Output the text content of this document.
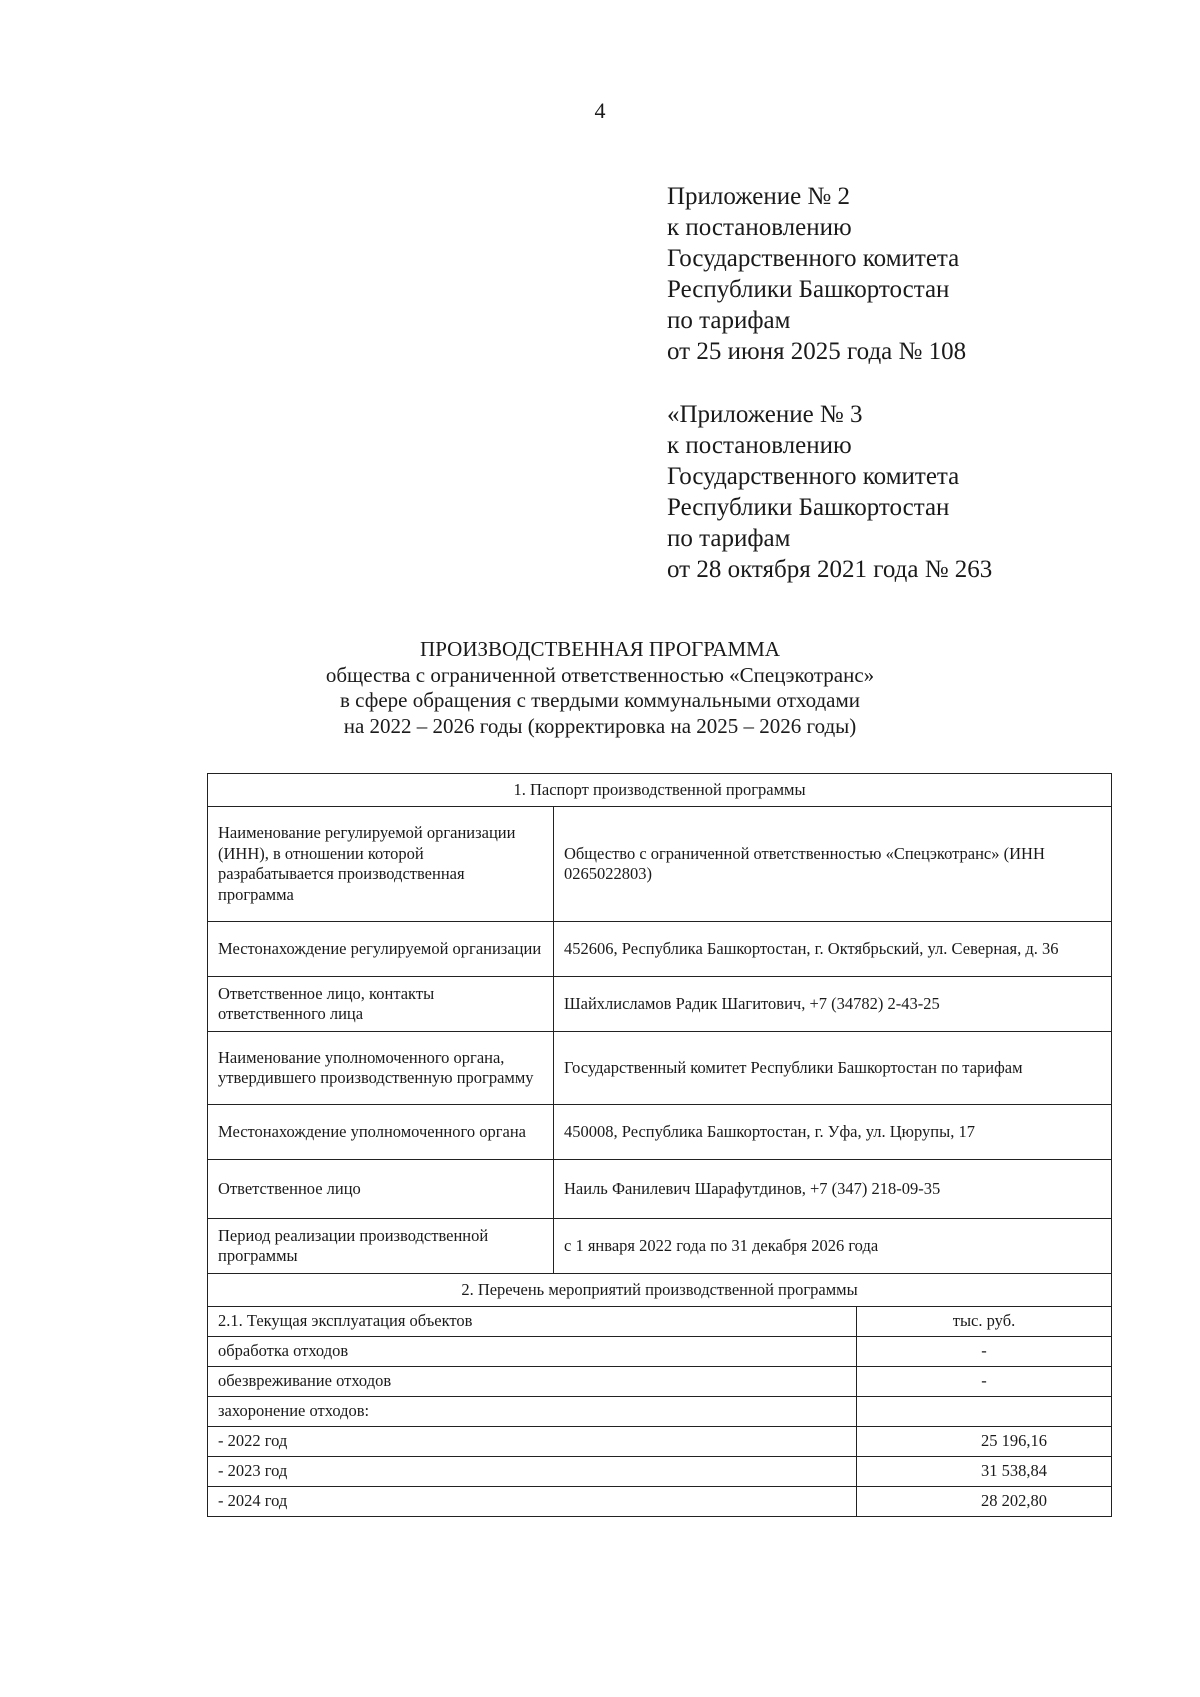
4

Приложение № 2

к постановлению

Государственного комитета

Республики Башкортостан

по тарифам

от 25 июня 2025 года № 108

«Приложение № 3

к постановлению

Государственного комитета

Республики Башкортостан

по тарифам

от 28 октября 2021 года № 263

ПРОИЗВОДСТВЕННАЯ ПРОГРАММА

общества с ограниченной ответственностью «Спецэкотранс»

в сфере обращения с твердыми коммунальными отходами

на 2022 – 2026 годы (корректировка на 2025 – 2026 годы)

1. Паспорт производственной программы	
Наименование регулируемой организации (ИНН), в отношении которой разрабатывается производственная программа	Общество с ограниченной ответственностью «Спецэкотранс» (ИНН 0265022803)
Местонахождение регулируемой организации	452606, Республика Башкортостан, г. Октябрьский, ул. Северная, д. 36
Ответственное лицо, контакты ответственного лица	Шайхлисламов Радик Шагитович, +7 (34782) 2-43-25
Наименование уполномоченного органа, утвердившего производственную программу	Государственный комитет Республики Башкортостан по тарифам
Местонахождение уполномоченного органа	450008, Республика Башкортостан, г. Уфа, ул. Цюрупы, 17
Ответственное лицо	Наиль Фанилевич Шарафутдинов, +7 (347) 218-09-35
Период реализации производственной программы	с 1 января 2022 года по 31 декабря 2026 года
2. Перечень мероприятий производственной программы	
2.1. Текущая эксплуатация объектов	тыс. руб.
обработка отходов	-
обезвреживание отходов	-
захоронение отходов:	
- 2022 год	25 196,16
- 2023 год	31 538,84
- 2024 год	28 202,80
